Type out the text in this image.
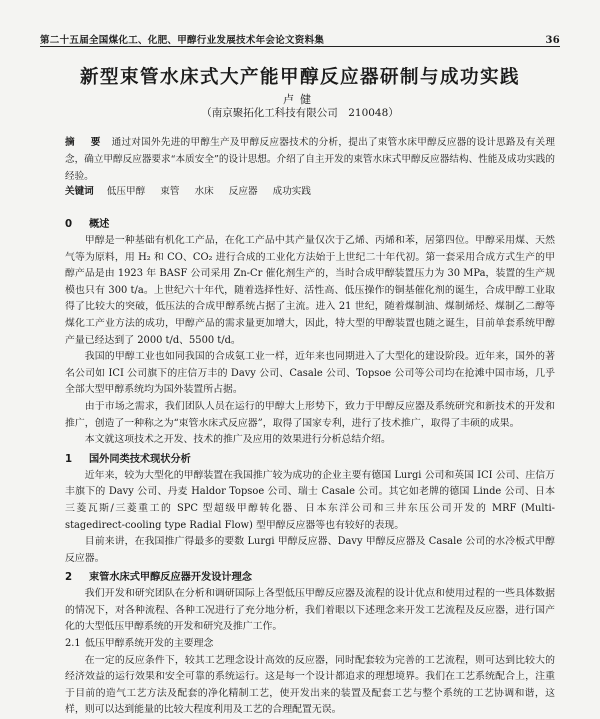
第二十五届全国煤化工、化肥、甲醇行业发展技术年会论文资料集	36
新型束管水床式大产能甲醇反应器研制与成功实践
卢健
（南京聚拓化工科技有限公司　210048）
摘　要 通过对国外先进的甲醇生产及甲醇反应器技术的分析，提出了束管水床甲醇反应器的设计思路及有关理念，确立甲醇反应器要求“本质安全”的设计思想。介绍了自主开发的束管水床式甲醇反应器结构、性能及成功实践的经验。
关键词 低压甲醇 束管 水床 反应器 成功实践
0 概述

甲醇是一种基础有机化工产品，在化工产品中其产量仅次于乙烯、丙烯和苯，居第四位。甲醇采用煤、天然气等为原料，用 H₂ 和 CO、CO₂ 进行合成的工业化方法始于上世纪二十年代初。第一套采用合成方式生产的甲醇产品是由 1923 年 BASF 公司采用 Zn-Cr 催化剂生产的，当时合成甲醇装置压力为 30 MPa，装置的生产规模也只有 300 t/a。上世纪六十年代，随着选择性好、活性高、低压操作的铜基催化剂的诞生，合成甲醇工业取得了比较大的突破，低压法的合成甲醇系统占据了主流。进入 21 世纪，随着煤制油、煤制烯烃、煤制乙二醇等煤化工产业方法的成功，甲醇产品的需求量更加增大，因此，特大型的甲醇装置也随之诞生，目前单套系统甲醇产量已经达到了 2000 t/d、5500 t/d。

我国的甲醇工业也如同我国的合成氨工业一样，近年来也同期进入了大型化的建设阶段。近年来，国外的著名公司如 ICI 公司旗下的庄信万丰的 Davy 公司、Casale 公司、Topsoe 公司等公司均在抢滩中国市场，几乎全部大型甲醇系统均为国外装置所占据。

由于市场之需求，我们团队人员在运行的甲醇大上形势下，致力于甲醇反应器及系统研究和新技术的开发和推广，创造了一种称之为“束管水床式反应器”，取得了国家专利，进行了技术推广，取得了丰硕的成果。

本文就这项技术之开发、技术的推广及应用的效果进行分析总结介绍。

1 国外同类技术现状分析

近年来，较为大型化的甲醇装置在我国推广较为成功的企业主要有德国 Lurgi 公司和英国 ICI 公司、庄信万丰旗下的 Davy 公司、丹麦 Haldor Topsoe 公司、瑞士 Casale 公司。其它如老牌的德国 Linde 公司、日本三菱瓦斯/三菱重工的 SPC 型超级甲醇转化器、日本东洋公司和三井东压公司开发的 MRF (Multi-stagedirect-cooling type Radial Flow) 型甲醇反应器等也有较好的表现。

目前来讲，在我国推广得最多的要数 Lurgi 甲醇反应器、Davy 甲醇反应器及 Casale 公司的水冷板式甲醇反应器。

2 束管水床式甲醇反应器开发设计理念

我们开发和研究团队在分析和调研国际上各型低压甲醇反应器及流程的设计优点和使用过程的一些具体数据的情况下，对各种流程、各种工况进行了充分地分析，我们着眼以下述理念来开发工艺流程及反应器，进行国产化的大型低压甲醇系统的开发和研究及推广工作。

2.1 低压甲醇系统开发的主要理念

在一定的反应条件下，较其工艺理念设计高效的反应器，同时配套较为完善的工艺流程，则可达到比较大的经济效益的运行效果和安全可靠的系统运行。这是每一个设计都追求的理想境界。我们在工艺系统配合上，注重于目前的造气工艺方法及配套的净化精制工艺，使开发出来的装置及配套工艺与整个系统的工艺协调和谐，这样，则可以达到能量的比较大程度利用及工艺的合理配置无误。
